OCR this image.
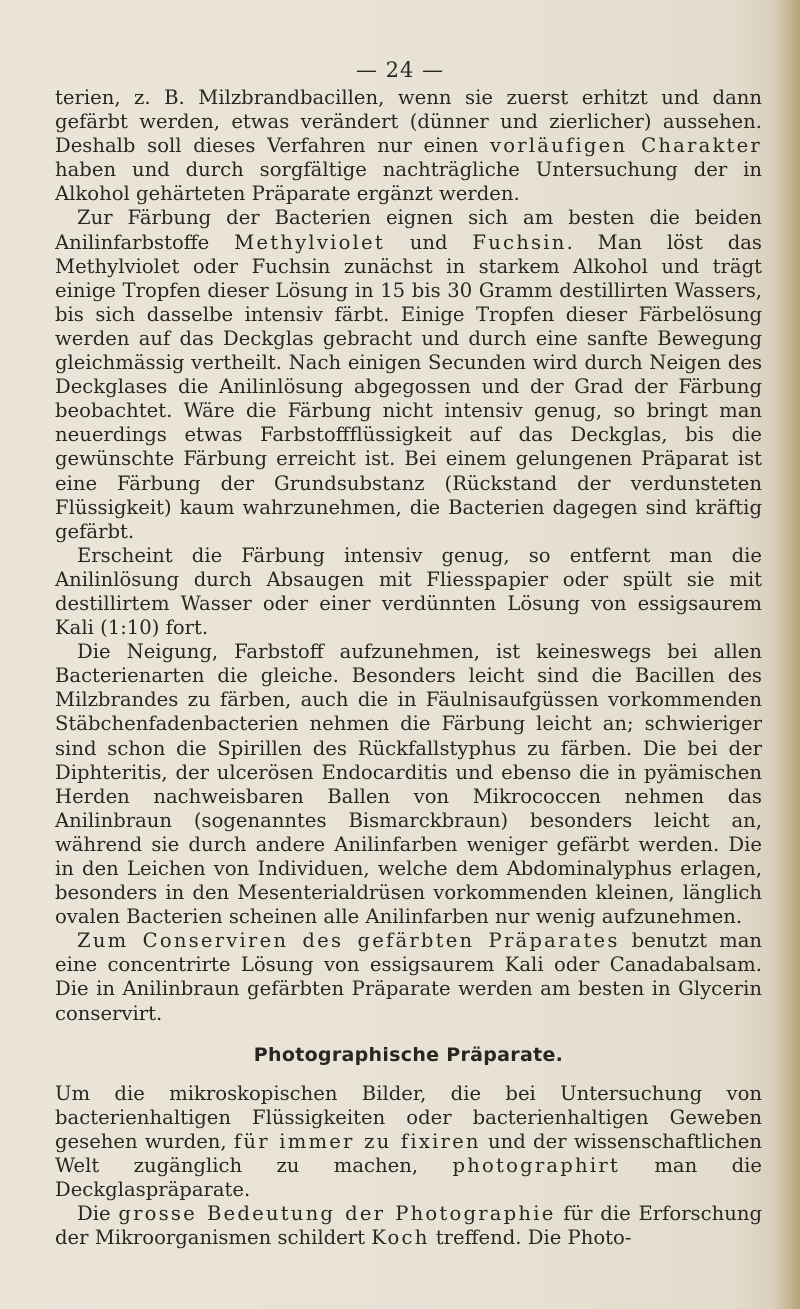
— 24 —

terien, z. B. Milzbrandbacillen, wenn sie zuerst erhitzt und dann gefärbt werden, etwas verändert (dünner und zierlicher) aussehen. Deshalb soll dieses Verfahren nur einen vorläufigen Charakter haben und durch sorgfältige nachträgliche Untersuchung der in Alkohol gehärteten Präparate ergänzt werden.

Zur Färbung der Bacterien eignen sich am besten die beiden Anilinfarbstoffe Methylviolet und Fuchsin. Man löst das Methylviolet oder Fuchsin zunächst in starkem Alkohol und trägt einige Tropfen dieser Lösung in 15 bis 30 Gramm destillirten Wassers, bis sich dasselbe intensiv färbt. Einige Tropfen dieser Färbelösung werden auf das Deckglas gebracht und durch eine sanfte Bewegung gleichmässig vertheilt. Nach einigen Secunden wird durch Neigen des Deckglases die Anilinlösung abgegossen und der Grad der Färbung beobachtet. Wäre die Färbung nicht intensiv genug, so bringt man neuerdings etwas Farbstoffflüssigkeit auf das Deckglas, bis die gewünschte Färbung erreicht ist. Bei einem gelungenen Präparat ist eine Färbung der Grundsubstanz (Rückstand der verdunsteten Flüssigkeit) kaum wahrzunehmen, die Bacterien dagegen sind kräftig gefärbt.

Erscheint die Färbung intensiv genug, so entfernt man die Anilinlösung durch Absaugen mit Fliesspapier oder spült sie mit destillirtem Wasser oder einer verdünnten Lösung von essigsaurem Kali (1:10) fort.

Die Neigung, Farbstoff aufzunehmen, ist keineswegs bei allen Bacterienarten die gleiche. Besonders leicht sind die Bacillen des Milzbrandes zu färben, auch die in Fäulnisaufgüssen vorkommenden Stäbchenfadenbacterien nehmen die Färbung leicht an; schwieriger sind schon die Spirillen des Rückfallstyphus zu färben. Die bei der Diphteritis, der ulcerösen Endocarditis und ebenso die in pyämischen Herden nachweisbaren Ballen von Mikrococcen nehmen das Anilinbraun (sogenanntes Bismarckbraun) besonders leicht an, während sie durch andere Anilinfarben weniger gefärbt werden. Die in den Leichen von Individuen, welche dem Abdominalyphus erlagen, besonders in den Mesenterialdrüsen vorkommenden kleinen, länglich ovalen Bacterien scheinen alle Anilinfarben nur wenig aufzunehmen.

Zum Conserviren des gefärbten Präparates benutzt man eine concentrirte Lösung von essigsaurem Kali oder Canadabalsam. Die in Anilinbraun gefärbten Präparate werden am besten in Glycerin conservirt.

Photographische Präparate.

Um die mikroskopischen Bilder, die bei Untersuchung von bacterienhaltigen Flüssigkeiten oder bacterienhaltigen Geweben gesehen wurden, für immer zu fixiren und der wissenschaftlichen Welt zugänglich zu machen, photographirt man die Deckglaspräparate.

Die grosse Bedeutung der Photographie für die Erforschung der Mikroorganismen schildert Koch treffend. Die Photo-
